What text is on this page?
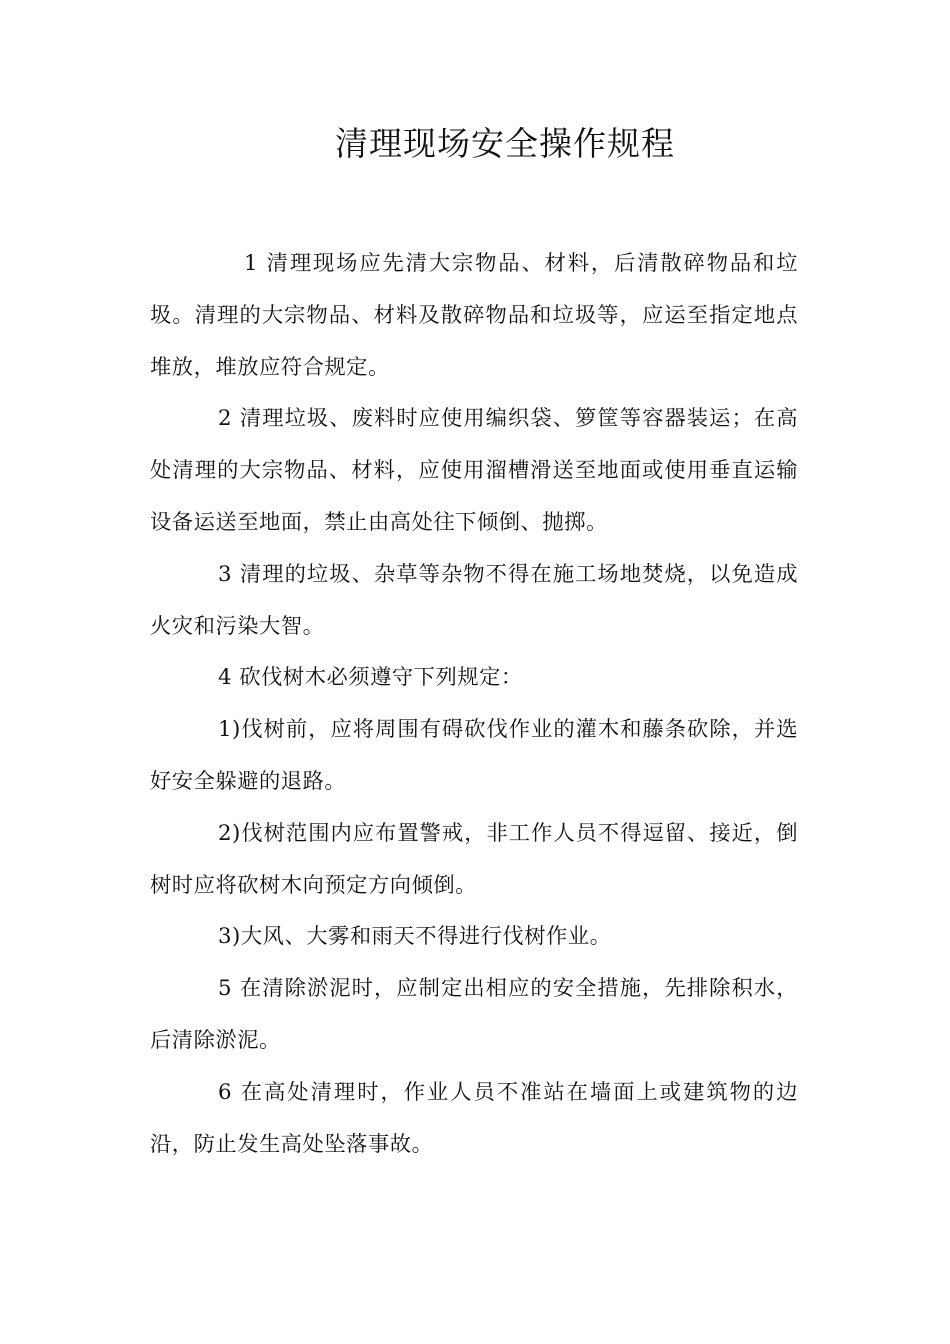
清理现场安全操作规程

1 清理现场应先清大宗物品、材料，后清散碎物品和垃圾。清理的大宗物品、材料及散碎物品和垃圾等，应运至指定地点堆放，堆放应符合规定。

2 清理垃圾、废料时应使用编织袋、箩筐等容器装运；在高处清理的大宗物品、材料，应使用溜槽滑送至地面或使用垂直运输设备运送至地面，禁止由高处往下倾倒、抛掷。

3 清理的垃圾、杂草等杂物不得在施工场地焚烧，以免造成火灾和污染大智。

4 砍伐树木必须遵守下列规定：

1)伐树前，应将周围有碍砍伐作业的灌木和藤条砍除，并选好安全躲避的退路。

2)伐树范围内应布置警戒，非工作人员不得逗留、接近，倒树时应将砍树木向预定方向倾倒。

3)大风、大雾和雨天不得进行伐树作业。

5 在清除淤泥时，应制定出相应的安全措施，先排除积水，后清除淤泥。

6 在高处清理时，作业人员不准站在墙面上或建筑物的边沿，防止发生高处坠落事故。
